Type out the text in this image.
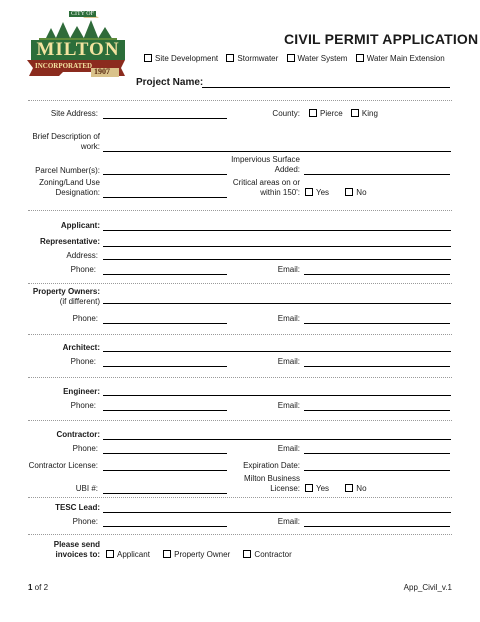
CITY OF
MILTON
INCORPORATED
1907
CIVIL PERMIT APPLICATION
Site Development Stormwater Water System Water Main Extension
Project Name:
Site Address:	County:	Pierce King
Brief Description of
work:
Parcel Number(s):
Zoning/Land Use
Designation:
Impervious Surface
Added:
Critical areas on or
within 150':	Yes	No
Applicant:
Representative:
Address:
Phone:	Email:
Property Owners:
(if different)
Phone:	Email:
Architect:
Phone:	Email:
Engineer:
Phone:	Email:
Contractor:
Phone:	Email:
Contractor License:	Expiration Date:
UBI #:
Milton Business
License:	Yes	No
TESC Lead:
Phone:	Email:
Please send
invoices to:	Applicant	Property Owner	Contractor
1 of 2	App_Civil_v.1
